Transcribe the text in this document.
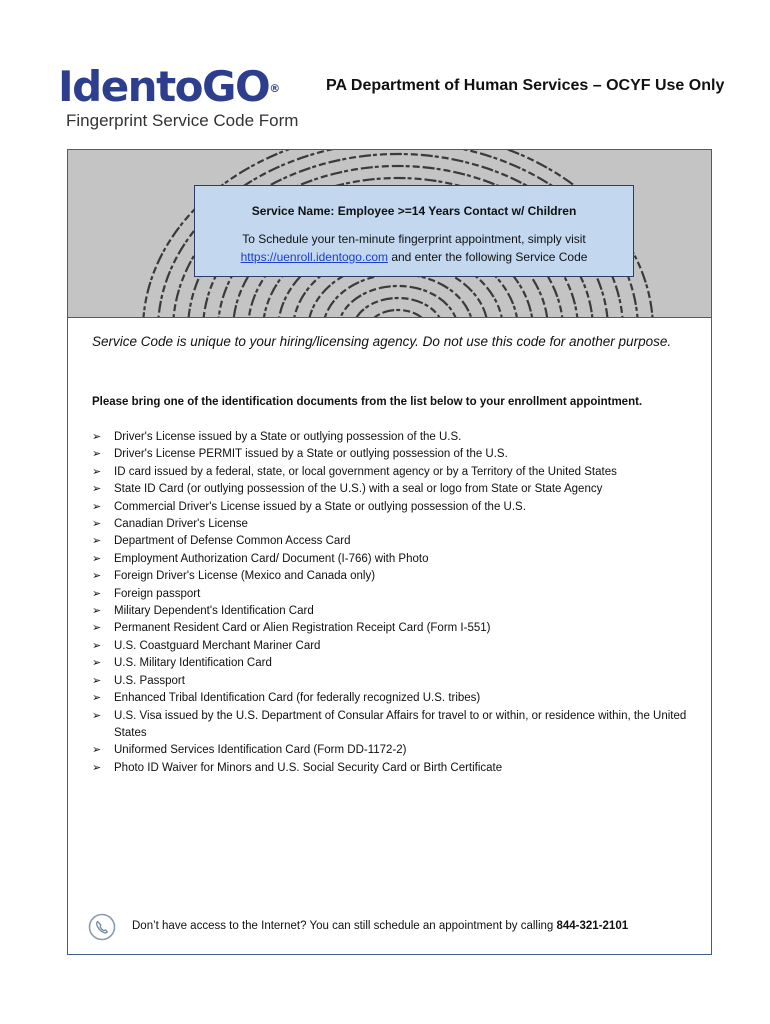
IdentoGO®
Fingerprint Service Code Form
PA Department of Human Services – OCYF Use Only
Service Name: Employee >=14 Years Contact w/ Children
To Schedule your ten-minute fingerprint appointment, simply visit
https://uenroll.identogo.com and enter the following Service Code
Service Code is unique to your hiring/licensing agency. Do not use this code for another purpose.
Please bring one of the identification documents from the list below to your enrollment appointment.
➢ Driver's License issued by a State or outlying possession of the U.S.
➢ Driver's License PERMIT issued by a State or outlying possession of the U.S.
➢ ID card issued by a federal, state, or local government agency or by a Territory of the United States
➢ State ID Card (or outlying possession of the U.S.) with a seal or logo from State or State Agency
➢ Commercial Driver's License issued by a State or outlying possession of the U.S.
➢ Canadian Driver's License
➢ Department of Defense Common Access Card
➢ Employment Authorization Card/ Document (I-766) with Photo
➢ Foreign Driver's License (Mexico and Canada only)
➢ Foreign passport
➢ Military Dependent's Identification Card
➢ Permanent Resident Card or Alien Registration Receipt Card (Form I-551)
➢ U.S. Coastguard Merchant Mariner Card
➢ U.S. Military Identification Card
➢ U.S. Passport
➢ Enhanced Tribal Identification Card (for federally recognized U.S. tribes)
➢ U.S. Visa issued by the U.S. Department of Consular Affairs for travel to or within, or residence within, the United States
➢ Uniformed Services Identification Card (Form DD-1172-2)
➢ Photo ID Waiver for Minors and U.S. Social Security Card or Birth Certificate
Don’t have access to the Internet? You can still schedule an appointment by calling 844-321-2101
